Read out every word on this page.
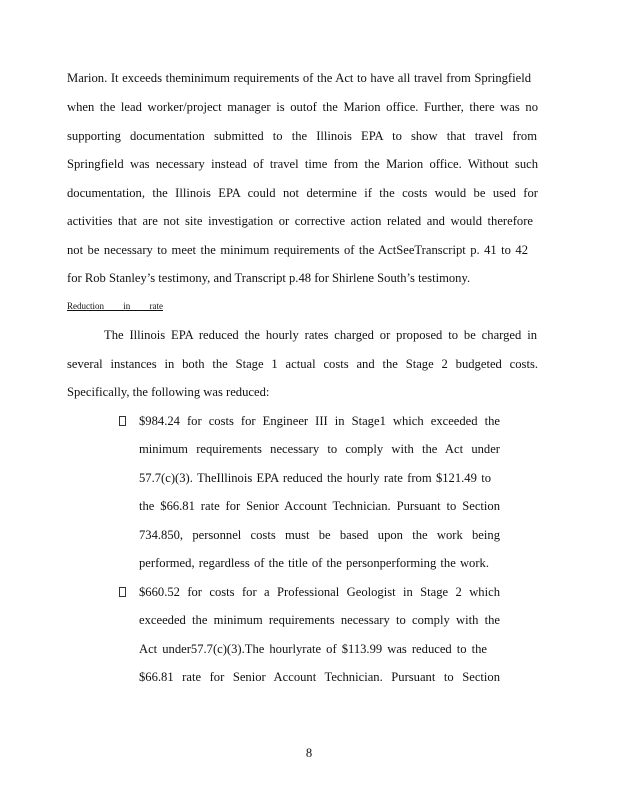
Marion. It exceeds theminimum requirements of the Act to have all travel from Springfield
when the lead worker/project manager is outof the Marion office. Further, there was no
supporting documentation submitted to the Illinois EPA to show that travel from
Springfield was necessary instead of travel time from the Marion office. Without such
documentation, the Illinois EPA could not determine if the costs would be used for
activities that are not site investigation or corrective action related and would therefore
not be necessary to meet the minimum requirements of the ActSeeTranscript p. 41 to 42
for Rob Stanley’s testimony, and Transcript p.48 for Shirlene South’s testimony.
Reduction in rate
The Illinois EPA reduced the hourly rates charged or proposed to be charged in
several instances in both the Stage 1 actual costs and the Stage 2 budgeted costs.
Specifically, the following was reduced:
$984.24 for costs for Engineer III in Stage1 which exceeded the
minimum requirements necessary to comply with the Act under
57.7(c)(3). TheIllinois EPA reduced the hourly rate from $121.49 to
the $66.81 rate for Senior Account Technician. Pursuant to Section
734.850, personnel costs must be based upon the work being
performed, regardless of the title of the personperforming the work.
$660.52 for costs for a Professional Geologist in Stage 2 which
exceeded the minimum requirements necessary to comply with the
Act under57.7(c)(3).The hourlyrate of $113.99 was reduced to the
$66.81 rate for Senior Account Technician. Pursuant to Section
8
